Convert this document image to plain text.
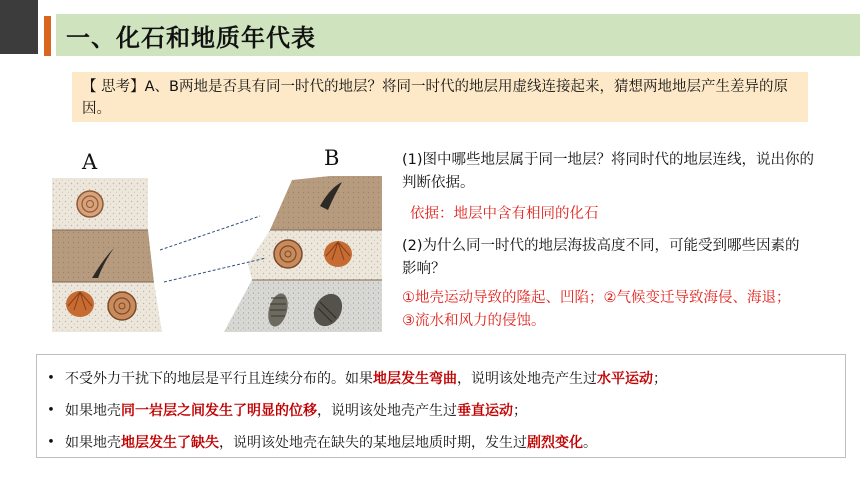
一、化石和地质年代表
【 思考】A、B两地是否具有同一时代的地层？将同一时代的地层用虚线连接起来，猜想两地地层产生差异的原因。
A	B	(1)图中哪些地层属于同一地层？将同时代的地层连线，说出你的判断依据。
依据：地层中含有相同的化石
(2)为什么同一时代的地层海拔高度不同，可能受到哪些因素的影响？
①地壳运动导致的隆起、凹陷；②气候变迁导致海侵、海退；③流水和风力的侵蚀。
• 不受外力干扰下的地层是平行且连续分布的。如果 地层发生弯曲 ，说明该处地壳产生过 水平运动 ；
• 如果地壳 同一岩层之间发生了明显的位移 ，说明该处地壳产生过 垂直运动 ；
• 如果地壳 地层发生了缺失 ，说明该处地壳在缺失的某地层地质时期，发生过 剧烈变化 。
